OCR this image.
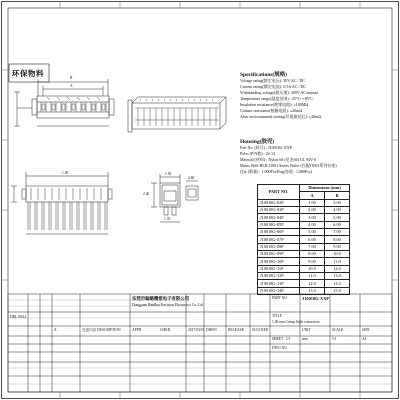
环保物料	Specifications(规格)
Voltage rating(额定电压): 30V AC / DC
Current rating(额定电流): 0.5A AC / DC
Withstanding voltage(耐压值): 200V AC/minute
Temperature range(温度范围): -25°C~+85°C
Insulation resistance(绝缘电阻): ≥100MΩ
Contact resistance(接触电阻): ≤20mΩ
After environmental testing(环境测试后): ≤30mΩ
Housing(胶壳)
Part No. (料号) : J10018G-XXP
Poles (P/N数) : 02-14
Material (材料) : Nylon 66 (尼龙66) UL 94V-0
Mates With HLB J1001 Series Wafer (匹配J1001系列针座)
Q'ty (数量) : 1,000Pcs/Bag(每袋 : 1,000Pcs)
PART NO.	Dimensions (mm)	
	A	B
J10018G-02P	1.00	3.00
J10018G-03P	2.00	4.00
J10018G-04P	3.00	5.00
J10018G-05P	4.00	6.00
J10018G-06P	5.00	7.00
J10018G-07P	6.00	8.00
J10018G-08P	7.00	9.00
J10018G-09P	8.00	10.0
J10018G-10P	9.00	11.0
J10018G-11P	10.0	12.0
J10018G-12P	11.0	13.0
J10018G-13P	12.0	14.0
J10018G-14P	13.0	15.0
B
A
1.00
2.40
1.50
2.60
1.35
DRL10014
变更内容 DESCRIPTION	2017/03/01
A
东莞市翰略精密电子有限公司
Dongguan HanBao Precision Electronics Co.,Ltd
PART NO.	J10018G-XXP
TITLE
1.00 mm Crimp Style connectors
APPD	CHKD	DRWN	RELEASE SUCCEED	UNIT
mm
SCALE
5:1
SIZE
A4
SHEET 1/1
DWG NO.
